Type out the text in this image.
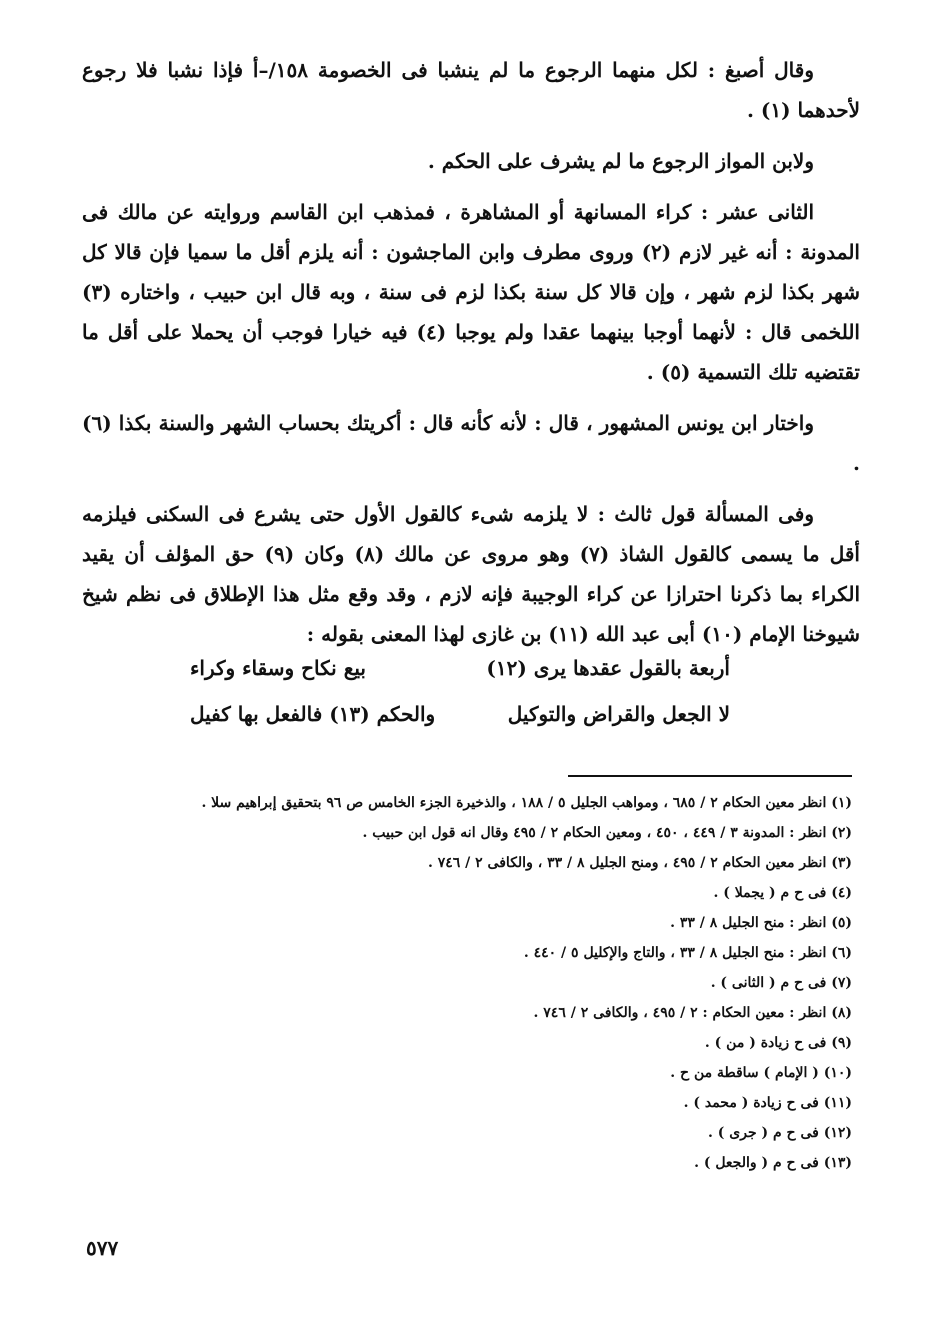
وقال أصبغ : لكل منهما الرجوع ما لم ينشبا فى الخصومة ١٥٨/–أ فإذا نشبا فلا رجوع لأحدهما (١) .

ولابن المواز الرجوع ما لم يشرف على الحكم .

الثانى عشر : كراء المسانهة أو المشاهرة ، فمذهب ابن القاسم وروايته عن مالك فى المدونة : أنه غير لازم (٢) وروى مطرف وابن الماجشون : أنه يلزم أقل ما سميا فإن قالا كل شهر بكذا لزم شهر ، وإن قالا كل سنة بكذا لزم فى سنة ، وبه قال ابن حبيب ، واختاره (٣) اللخمى قال : لأنهما أوجبا بينهما عقدا ولم يوجبا (٤) فيه خيارا فوجب أن يحملا على أقل ما تقتضيه تلك التسمية (٥) .

واختار ابن يونس المشهور ، قال : لأنه كأنه قال : أكريتك بحساب الشهر والسنة بكذا (٦) .

وفى المسألة قول ثالث : لا يلزمه شىء كالقول الأول حتى يشرع فى السكنى فيلزمه أقل ما يسمى كالقول الشاذ (٧) وهو مروى عن مالك (٨) وكان (٩) حق المؤلف أن يقيد الكراء بما ذكرنا احترازا عن كراء الوجيبة فإنه لازم ، وقد وقع مثل هذا الإطلاق فى نظم شيخ شيوخنا الإمام (١٠) أبى عبد الله (١١) بن غازى لهذا المعنى بقوله :

أربعة بالقول عقدها يرى (١٢)
بيع نكاح وسقاء وكراء
لا الجعل والقراض والتوكيل
والحكم (١٣) فالفعل بها كفيل

(١) انظر معين الحكام ٢ / ٦٨٥ ، ومواهب الجليل ٥ / ١٨٨ ، والذخيرة الجزء الخامس ص ٩٦ بتحقيق إبراهيم سلا .

(٢) انظر : المدونة ٣ / ٤٤٩ ، ٤٥٠ ، ومعين الحكام ٢ / ٤٩٥ وقال انه قول ابن حبيب .

(٣) انظر معين الحكام ٢ / ٤٩٥ ، ومنح الجليل ٨ / ٣٣ ، والكافى ٢ / ٧٤٦ .

(٤) فى ح م ( يجملا ) .

(٥) انظر : منح الجليل ٨ / ٣٣ .

(٦) انظر : منح الجليل ٨ / ٣٣ ، والتاج والإكليل ٥ / ٤٤٠ .

(٧) فى ح م ( الثانى ) .

(٨) انظر : معين الحكام : ٢ / ٤٩٥ ، والكافى ٢ / ٧٤٦ .

(٩) فى ح زيادة ( من ) .

(١٠) ( الإمام ) ساقطة من ح .

(١١) فى ح زيادة ( محمد ) .

(١٢) فى ح م ( جرى ) .

(١٣) فى ح م ( والجعل ) .

٥٧٧
